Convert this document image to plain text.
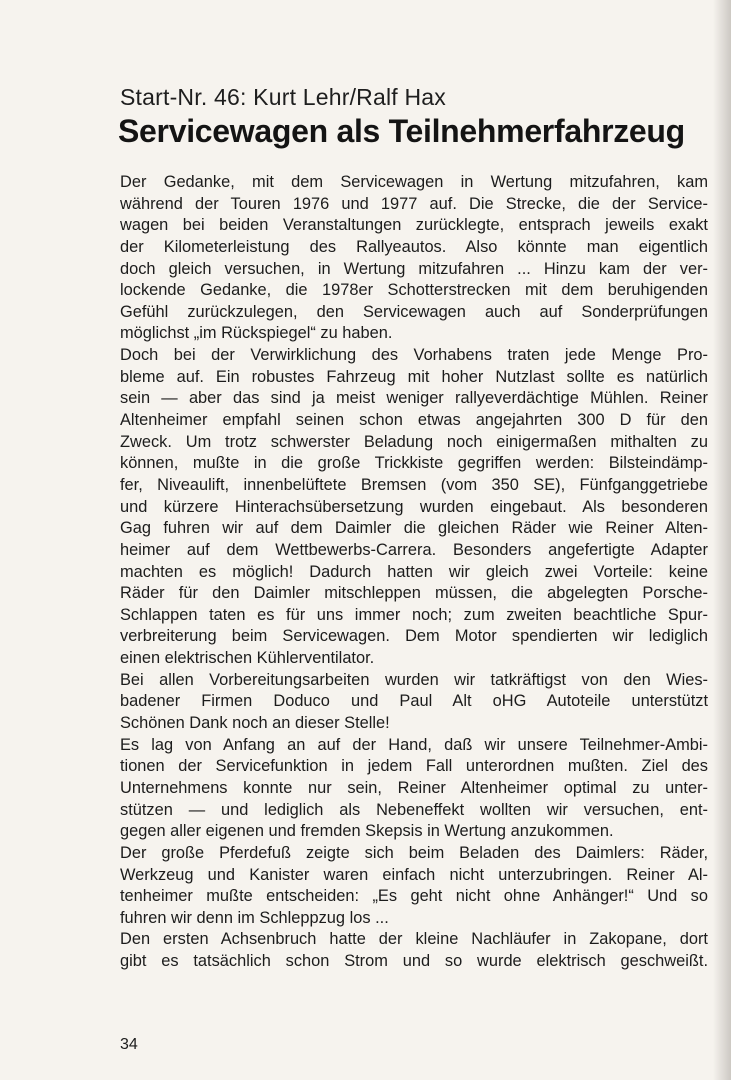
Start-Nr. 46: Kurt Lehr/Ralf Hax
Servicewagen als Teilnehmerfahrzeug
Der Gedanke, mit dem Servicewagen in Wertung mitzufahren, kam
während der Touren 1976 und 1977 auf. Die Strecke, die der Service-
wagen bei beiden Veranstaltungen zurücklegte, entsprach jeweils exakt
der Kilometerleistung des Rallyeautos. Also könnte man eigentlich
doch gleich versuchen, in Wertung mitzufahren ... Hinzu kam der ver-
lockende Gedanke, die 1978er Schotterstrecken mit dem beruhigenden
Gefühl zurückzulegen, den Servicewagen auch auf Sonderprüfungen
möglichst „im Rückspiegel“ zu haben.
Doch bei der Verwirklichung des Vorhabens traten jede Menge Pro-
bleme auf. Ein robustes Fahrzeug mit hoher Nutzlast sollte es natürlich
sein — aber das sind ja meist weniger rallyeverdächtige Mühlen. Reiner
Altenheimer empfahl seinen schon etwas angejahrten 300 D für den
Zweck. Um trotz schwerster Beladung noch einigermaßen mithalten zu
können, mußte in die große Trickkiste gegriffen werden: Bilsteindämp-
fer, Niveaulift, innenbelüftete Bremsen (vom 350 SE), Fünfganggetriebe
und kürzere Hinterachsübersetzung wurden eingebaut. Als besonderen
Gag fuhren wir auf dem Daimler die gleichen Räder wie Reiner Alten-
heimer auf dem Wettbewerbs-Carrera. Besonders angefertigte Adapter
machten es möglich! Dadurch hatten wir gleich zwei Vorteile: keine
Räder für den Daimler mitschleppen müssen, die abgelegten Porsche-
Schlappen taten es für uns immer noch; zum zweiten beachtliche Spur-
verbreiterung beim Servicewagen. Dem Motor spendierten wir lediglich
einen elektrischen Kühlerventilator.
Bei allen Vorbereitungsarbeiten wurden wir tatkräftigst von den Wies-
badener Firmen Doduco und Paul Alt oHG Autoteile unterstützt
Schönen Dank noch an dieser Stelle!
Es lag von Anfang an auf der Hand, daß wir unsere Teilnehmer-Ambi-
tionen der Servicefunktion in jedem Fall unterordnen mußten. Ziel des
Unternehmens konnte nur sein, Reiner Altenheimer optimal zu unter-
stützen — und lediglich als Nebeneffekt wollten wir versuchen, ent-
gegen aller eigenen und fremden Skepsis in Wertung anzukommen.
Der große Pferdefuß zeigte sich beim Beladen des Daimlers: Räder,
Werkzeug und Kanister waren einfach nicht unterzubringen. Reiner Al-
tenheimer mußte entscheiden: „Es geht nicht ohne Anhänger!“ Und so
fuhren wir denn im Schleppzug los ...
Den ersten Achsenbruch hatte der kleine Nachläufer in Zakopane, dort
gibt es tatsächlich schon Strom und so wurde elektrisch geschweißt.
34
